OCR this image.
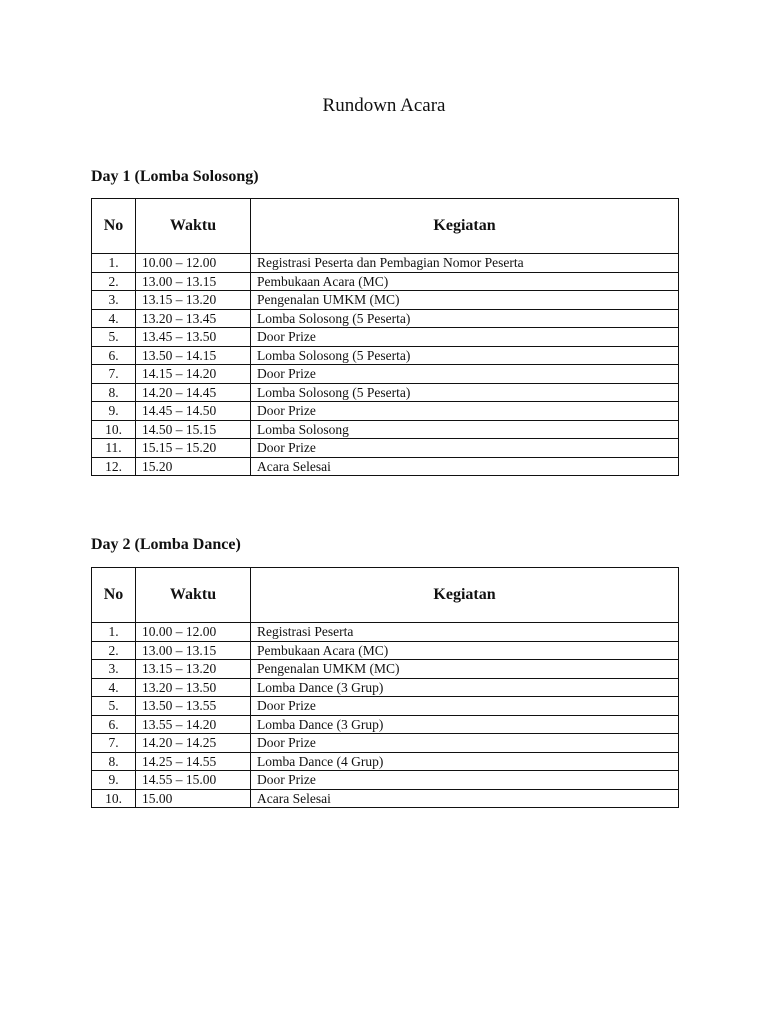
Rundown Acara
Day 1 (Lomba Solosong)
No	Waktu	Kegiatan
1.	10.00 – 12.00	Registrasi Peserta dan Pembagian Nomor Peserta
2.	13.00 – 13.15	Pembukaan Acara (MC)
3.	13.15 – 13.20	Pengenalan UMKM (MC)
4.	13.20 – 13.45	Lomba Solosong (5 Peserta)
5.	13.45 – 13.50	Door Prize
6.	13.50 – 14.15	Lomba Solosong (5 Peserta)
7.	14.15 – 14.20	Door Prize
8.	14.20 – 14.45	Lomba Solosong (5 Peserta)
9.	14.45 – 14.50	Door Prize
10.	14.50 – 15.15	Lomba Solosong
11.	15.15 – 15.20	Door Prize
12.	15.20	Acara Selesai
Day 2 (Lomba Dance)
No	Waktu	Kegiatan
1.	10.00 – 12.00	Registrasi Peserta
2.	13.00 – 13.15	Pembukaan Acara (MC)
3.	13.15 – 13.20	Pengenalan UMKM (MC)
4.	13.20 – 13.50	Lomba Dance (3 Grup)
5.	13.50 – 13.55	Door Prize
6.	13.55 – 14.20	Lomba Dance (3 Grup)
7.	14.20 – 14.25	Door Prize
8.	14.25 – 14.55	Lomba Dance (4 Grup)
9.	14.55 – 15.00	Door Prize
10.	15.00	Acara Selesai
